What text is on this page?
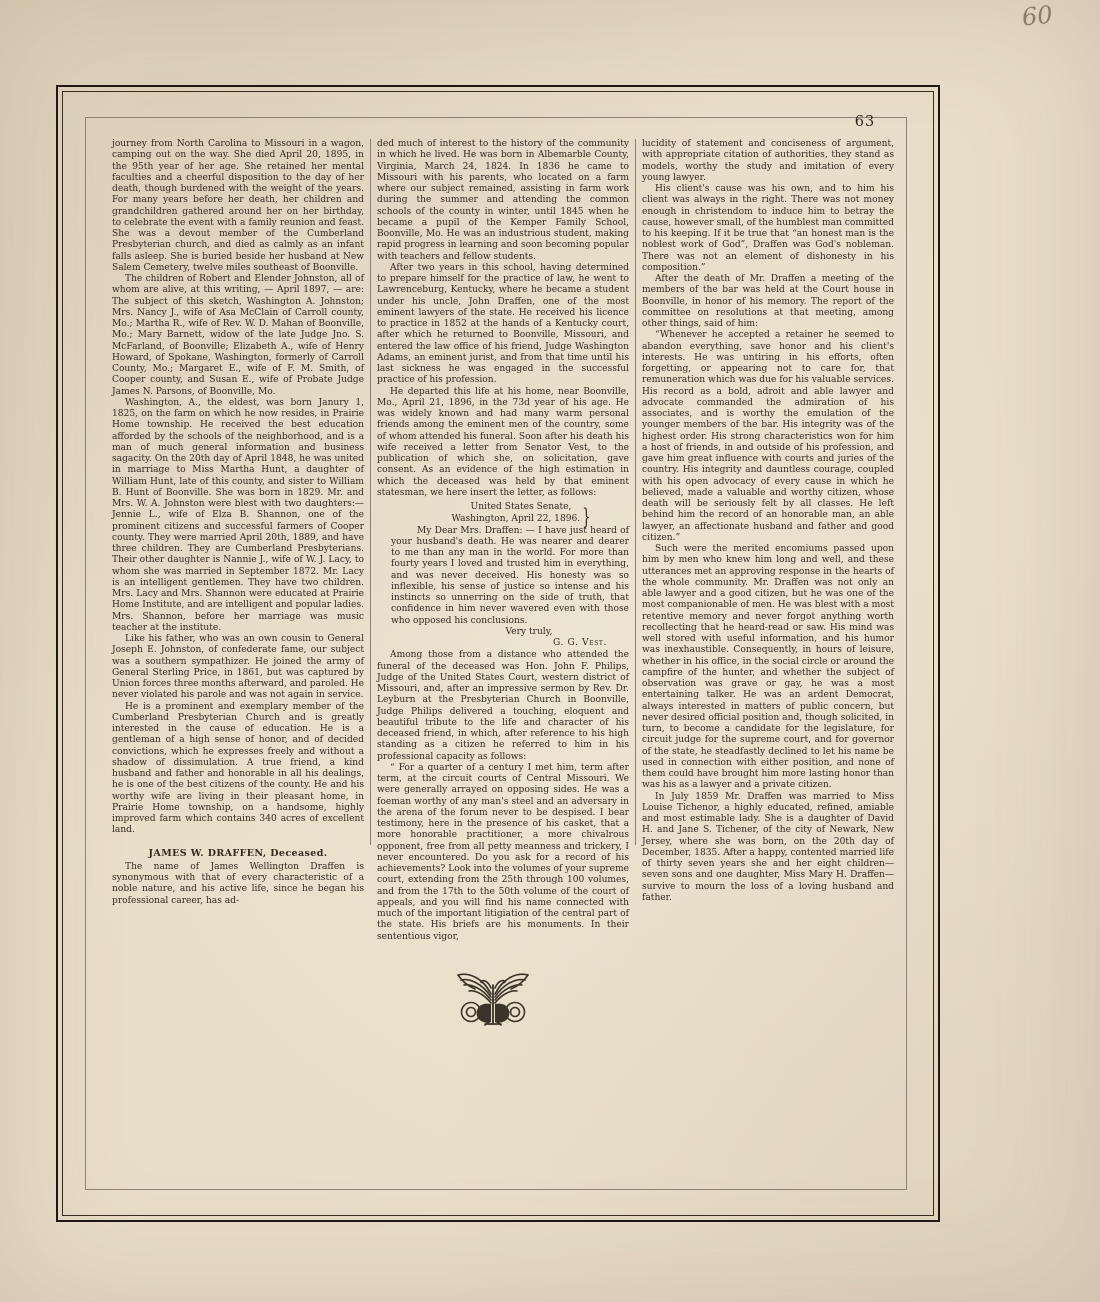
60
63

journey from North Carolina to Missouri in a wagon, camping out on the way. She died April 20, 1895, in the 95th year of her age. She retained her mental faculties and a cheerful disposition to the day of her death, though burdened with the weight of the years. For many years before her death, her children and grandchildren gathered around her on her birthday, to celebrate the event with a family reunion and feast. She was a devout member of the Cumberland Presbyterian church, and died as calmly as an infant falls asleep. She is buried beside her husband at New Salem Cemetery, twelve miles southeast of Boonville.

The children of Robert and Elender Johnston, all of whom are alive, at this writing, — April 1897, — are: The subject of this sketch, Washington A. Johnston; Mrs. Nancy J., wife of Asa McClain of Carroll county, Mo.; Martha R., wife of Rev. W. D. Mahan of Boonville, Mo.; Mary Barnett, widow of the late Judge Jno. S. McFarland, of Boonville; Elizabeth A., wife of Henry Howard, of Spokane, Washington, formerly of Carroll County, Mo.; Margaret E., wife of F. M. Smith, of Cooper county, and Susan E., wife of Probate Judge James N. Parsons, of Boonville, Mo.

Washington, A., the eldest, was born Janury 1, 1825, on the farm on which he now resides, in Prairie Home township. He received the best education afforded by the schools of the neighborhood, and is a man of much general information and business sagacity. On the 20th day of April 1848, he was united in marriage to Miss Martha Hunt, a daughter of William Hunt, late of this county, and sister to William B. Hunt of Boonville. She was born in 1829. Mr. and Mrs. W. A. Johnston were blest with two daughters:—Jennie L., wife of Elza B. Shannon, one of the prominent citizens and successful farmers of Cooper county. They were married April 20th, 1889, and have three children. They are Cumberland Presbyterians. Their other daughter is Nannie J., wife of W. J. Lacy, to whom she was married in September 1872. Mr. Lacy is an intelligent gentlemen. They have two children. Mrs. Lacy and Mrs. Shannon were educated at Prairie Home Institute, and are intelligent and popular ladies. Mrs. Shannon, before her marriage was music teacher at the institute.

Like his father, who was an own cousin to General Joseph E. Johnston, of confederate fame, our subject was a southern sympathizer. He joined the army of General Sterling Price, in 1861, but was captured by Union forces three months afterward, and paroled. He never violated his parole and was not again in service.

He is a prominent and exemplary member of the Cumberland Presbyterian Church and is greatly interested in the cause of education. He is a gentleman of a high sense of honor, and of decided convictions, which he expresses freely and without a shadow of dissimulation. A true friend, a kind husband and father and honorable in all his dealings, he is one of the best citizens of the county. He and his worthy wife are living in their pleasant home, in Prairie Home township, on a handsome, highly improved farm which contains 340 acres of excellent land.

JAMES W. DRAFFEN, Deceased.

The name of James Wellington Draffen is synonymous with that of every characteristic of a noble nature, and his active life, since he began his professional career, has ad-

ded much of interest to the history of the community in which he lived. He was born in Albemarble County, Virginia, March 24, 1824. In 1836 he came to Missouri with his parents, who located on a farm where our subject remained, assisting in farm work during the summer and attending the common schools of the county in winter, until 1845 when he became a pupil of the Kemper Family School, Boonville, Mo. He was an industrious student, making rapid progress in learning and soon becoming popular with teachers and fellow students.

After two years in this school, having determined to prepare himself for the practice of law, he went to Lawrenceburg, Kentucky, where he became a student under his uncle, John Draffen, one of the most eminent lawyers of the state. He received his licence to practice in 1852 at the hands of a Kentucky court, after which he returned to Boonville, Missouri, and entered the law office of his friend, Judge Washington Adams, an eminent jurist, and from that time until his last sickness he was engaged in the successful practice of his profession.

He departed this life at his home, near Boonville, Mo., April 21, 1896, in the 73d year of his age. He was widely known and had many warm personal friends among the eminent men of the country, some of whom attended his funeral. Soon after his death his wife received a letter from Senator Vest, to the publication of which she, on solicitation, gave consent. As an evidence of the high estimation in which the deceased was held by that eminent statesman, we here insert the letter, as follows:

United States Senate,
Washington, April 22, 1896. }

My Dear Mrs. Draffen: — I have just heard of your husband's death. He was nearer and dearer to me than any man in the world. For more than fourty years I loved and trusted him in everything, and was never deceived. His honesty was so inflexible, his sense of justice so intense and his instincts so unnerring on the side of truth, that confidence in him never wavered even with those who opposed his conclusions.

Very truly,

G. G. Vest.

Among those from a distance who attended the funeral of the deceased was Hon. John F. Philips, Judge of the United States Court, western district of Missouri, and, after an impressive sermon by Rev. Dr. Leyburn at the Presbyterian Church in Boonville, Judge Philips delivered a touching, eloquent and beautiful tribute to the life and character of his deceased friend, in which, after reference to his high standing as a citizen he referred to him in his professional capacity as follows:

“ For a quarter of a century I met him, term after term, at the circuit courts of Central Missouri. We were generally arrayed on opposing sides. He was a foeman worthy of any man's steel and an adversary in the arena of the forum never to be despised. I bear testimony, here in the presence of his casket, that a more honorable practitioner, a more chivalrous opponent, free from all petty meanness and trickery, I never encountered. Do you ask for a record of his achievements? Look into the volumes of your supreme court, extending from the 25th through 100 volumes, and from the 17th to the 50th volume of the court of appeals, and you will find his name connected with much of the important litigiation of the central part of the state. His briefs are his monuments. In their sententious vigor,

lucidity of statement and conciseness of argument, with appropriate citation of authorities, they stand as models, worthy the study and imitation of every young lawyer.

His client's cause was his own, and to him his client was always in the right. There was not money enough in christendom to induce him to betray the cause, however small, of the humblest man committed to his keeping. If it be true that “an honest man is the noblest work of God”, Draffen was God's nobleman. There was not an element of dishonesty in his composition.”

After the death of Mr. Draffen a meeting of the members of the bar was held at the Court house in Boonville, in honor of his memory. The report of the committee on resolutions at that meeting, among other things, said of him:

“Whenever he accepted a retainer he seemed to abandon everything, save honor and his client's interests. He was untiring in his efforts, often forgetting, or appearing not to care for, that remuneration which was due for his valuable services. His record as a bold, adroit and able lawyer and advocate commanded the admiration of his associates, and is worthy the emulation of the younger members of the bar. His integrity was of the highest order. His strong characteristics won for him a host of friends, in and outside of his profession, and gave him great influence with courts and juries of the country. His integrity and dauntless courage, coupled with his open advocacy of every cause in which he believed, made a valuable and worthy citizen, whose death will be seriously felt by all classes. He left behind him the record of an honorable man, an able lawyer, an affectionate husband and father and good citizen.”

Such were the merited encomiums passed upon him by men who knew him long and well, and these utterances met an approving response in the hearts of the whole community. Mr. Draffen was not only an able lawyer and a good citizen, but he was one of the most companionable of men. He was blest with a most retentive memory and never forgot anything worth recollecting that he heard-read or saw. His mind was well stored with useful information, and his humor was inexhaustible. Consequently, in hours of leisure, whether in his office, in the social circle or around the campfire of the hunter, and whether the subject of observation was grave or gay, he was a most entertaining talker. He was an ardent Democrat, always interested in matters of public concern, but never desired official position and, though solicited, in turn, to become a candidate for the legislature, for circuit judge for the supreme court, and for governor of the state, he steadfastly declined to let his name be used in connection with either position, and none of them could have brought him more lasting honor than was his as a lawyer and a private citizen.

In July 1859 Mr. Draffen was married to Miss Louise Tichenor, a highly educated, refined, amiable and most estimable lady. She is a daughter of David H. and Jane S. Tichener, of the city of Newark, New Jersey, where she was born, on the 20th day of December, 1835. After a happy, contented married life of thirty seven years she and her eight children—seven sons and one daughter, Miss Mary H. Draffen—survive to mourn the loss of a loving husband and father.
